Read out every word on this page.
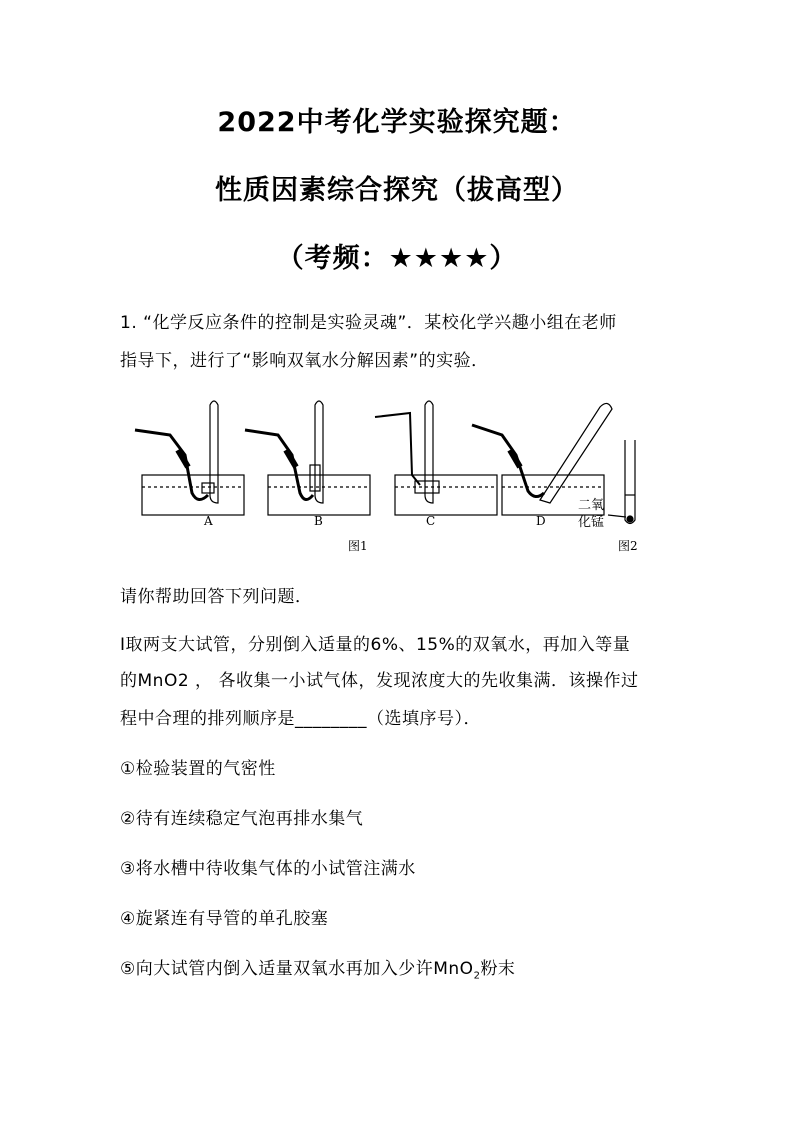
2022中考化学实验探究题：
性质因素综合探究（拔高型）
（考频：★★★★）
1. “化学反应条件的控制是实验灵魂”．某校化学兴趣小组在老师
指导下，进行了“影响双氧水分解因素”的实验．
A	B	C	D
图1	图2
二氧
化锰
请你帮助回答下列问题．
Ⅰ取两支大试管，分别倒入适量的6%、15%的双氧水，再加入等量
的MnO2 ， 各收集一小试气体，发现浓度大的先收集满．该操作过
程中合理的排列顺序是________（选填序号）．
①检验装置的气密性
②待有连续稳定气泡再排水集气
③将水槽中待收集气体的小试管注满水
④旋紧连有导管的单孔胶塞
⑤向大试管内倒入适量双氧水再加入少许MnO$_2$粉末
